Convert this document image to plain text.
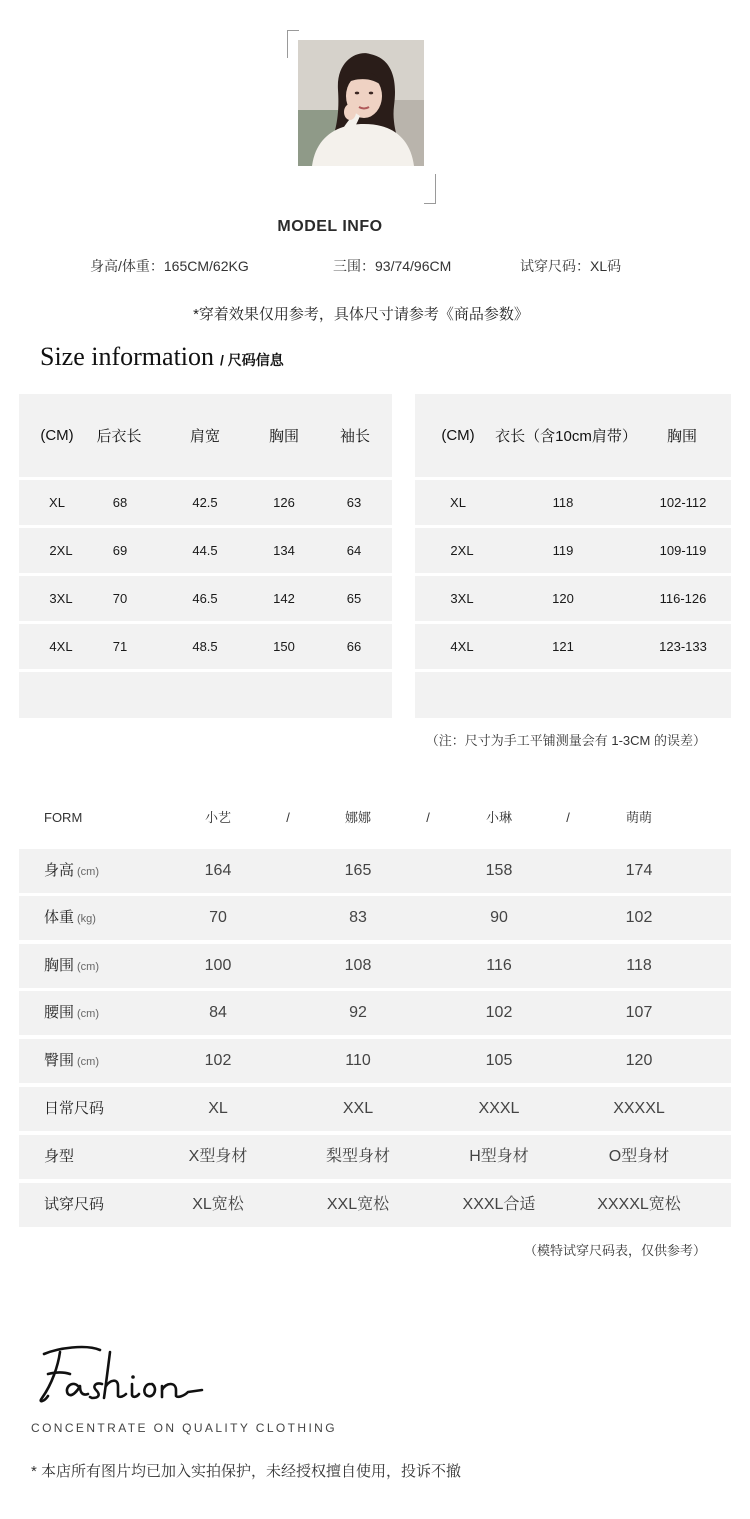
MODEL INFO
身高/体重：165CM/62KG	三围：93/74/96CM	试穿尺码：XL码
*穿着效果仅用参考，具体尺寸请参考《商品参数》
Size information / 尺码信息
(CM)	后衣长	肩宽	胸围	袖长
XL	68	42.5	126	63
2XL	69	44.5	134	64
3XL	70	46.5	142	65
4XL	71	48.5	150	66
(CM)	衣长（含10cm肩带）	胸围
XL	118	102-112
2XL	119	109-119
3XL	120	116-126
4XL	121	123-133
（注：尺寸为手工平铺测量会有 1-3CM 的误差）
FORM	小艺	/	娜娜	/	小琳	/	萌萌
身高 (cm)	164	165	158	174
体重 (kg)	70	83	90	102
胸围 (cm)	100	108	116	118
腰围 (cm)	84	92	102	107
臀围 (cm)	102	110	105	120
日常尺码	XL	XXL	XXXL	XXXXL
身型	X型身材	梨型身材	H型身材	O型身材
试穿尺码	XL宽松	XXL宽松	XXXL合适	XXXXL宽松
（模特试穿尺码表，仅供参考）
CONCENTRATE ON QUALITY CLOTHING
* 本店所有图片均已加入实拍保护，未经授权擅自使用，投诉不撤
